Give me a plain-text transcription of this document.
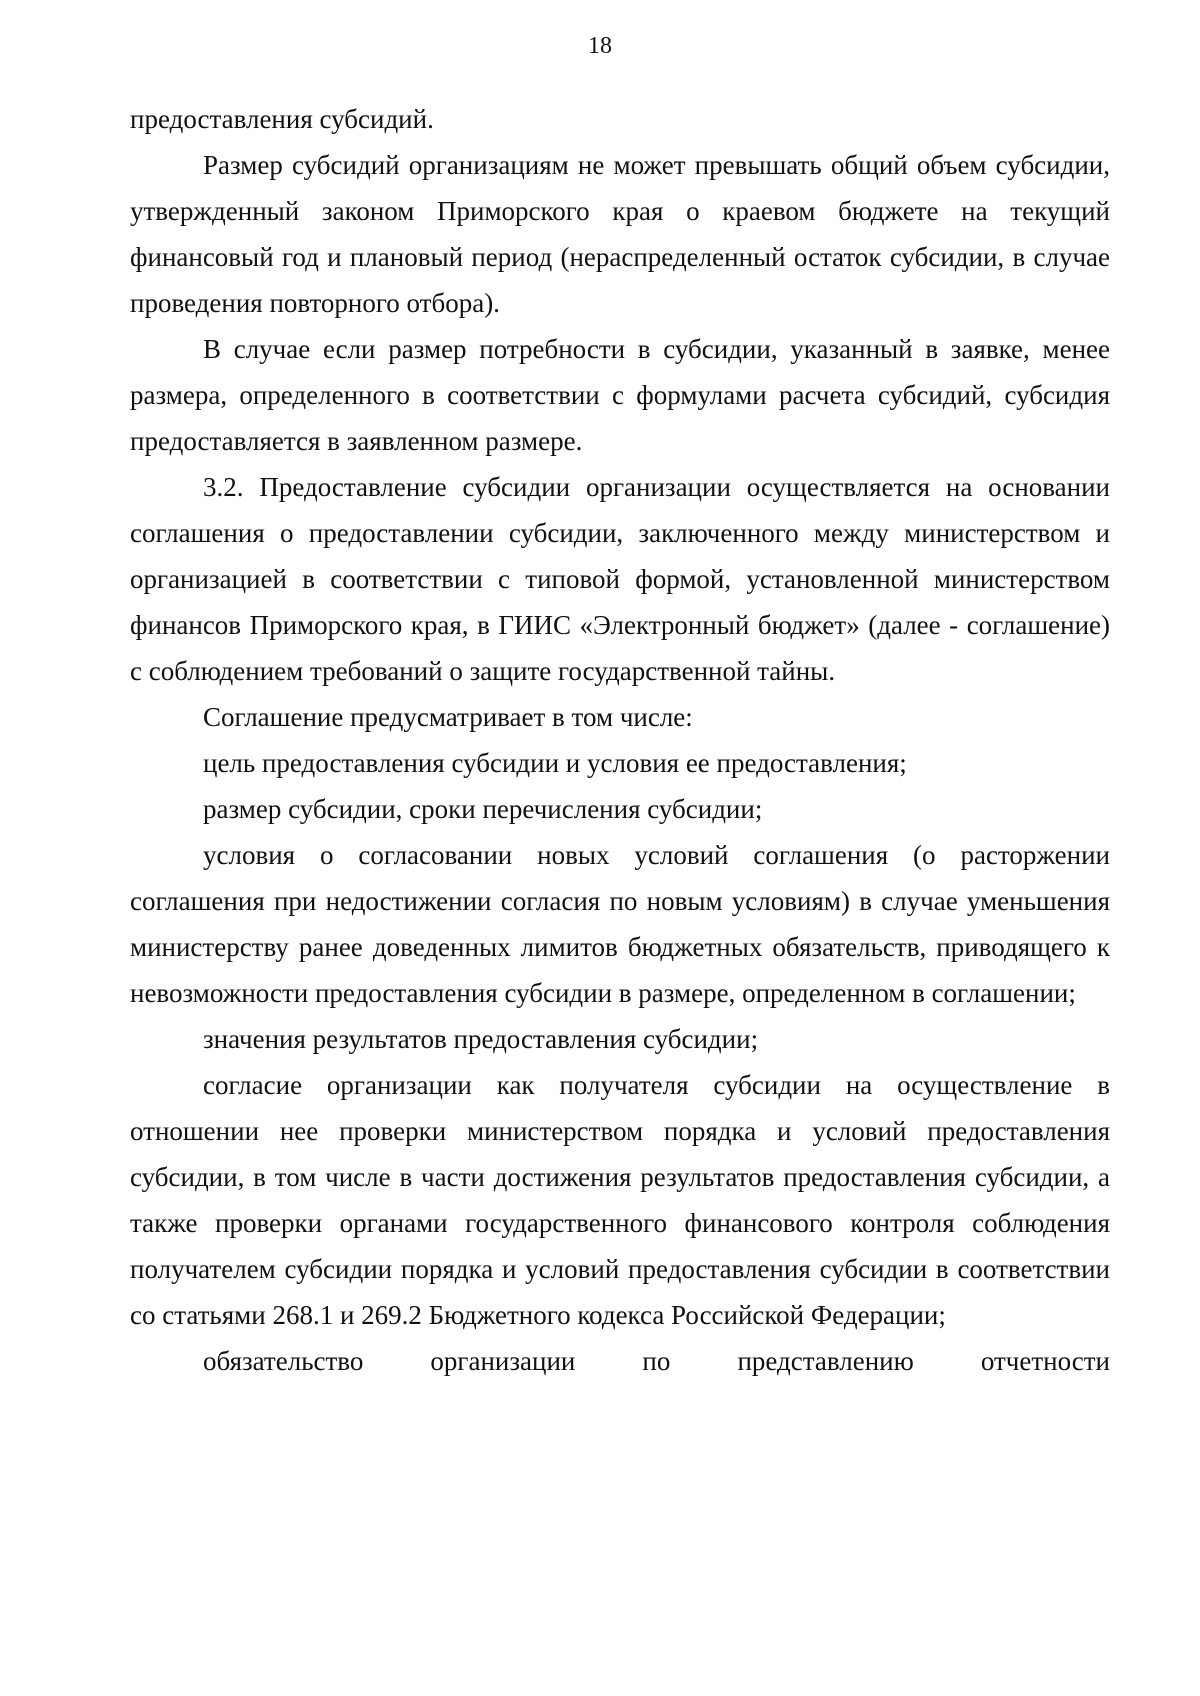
18

предоставления субсидий.

Размер субсидий организациям не может превышать общий объем субсидии, утвержденный законом Приморского края о краевом бюджете на текущий финансовый год и плановый период (нераспределенный остаток субсидии, в случае проведения повторного отбора).

В случае если размер потребности в субсидии, указанный в заявке, менее размера, определенного в соответствии с формулами расчета субсидий, субсидия предоставляется в заявленном размере.

3.2. Предоставление субсидии организации осуществляется на основании соглашения о предоставлении субсидии, заключенного между министерством и организацией в соответствии с типовой формой, установленной министерством финансов Приморского края, в ГИИС «Электронный бюджет» (далее - соглашение) с соблюдением требований о защите государственной тайны.

Соглашение предусматривает в том числе:

цель предоставления субсидии и условия ее предоставления;

размер субсидии, сроки перечисления субсидии;

условия о согласовании новых условий соглашения (о расторжении соглашения при недостижении согласия по новым условиям) в случае уменьшения министерству ранее доведенных лимитов бюджетных обязательств, приводящего к невозможности предоставления субсидии в размере, определенном в соглашении;

значения результатов предоставления субсидии;

согласие организации как получателя субсидии на осуществление в отношении нее проверки министерством порядка и условий предоставления субсидии, в том числе в части достижения результатов предоставления субсидии, а также проверки органами государственного финансового контроля соблюдения получателем субсидии порядка и условий предоставления субсидии в соответствии со статьями 268.1 и 269.2 Бюджетного кодекса Российской Федерации;

обязательство организации по представлению отчетности
